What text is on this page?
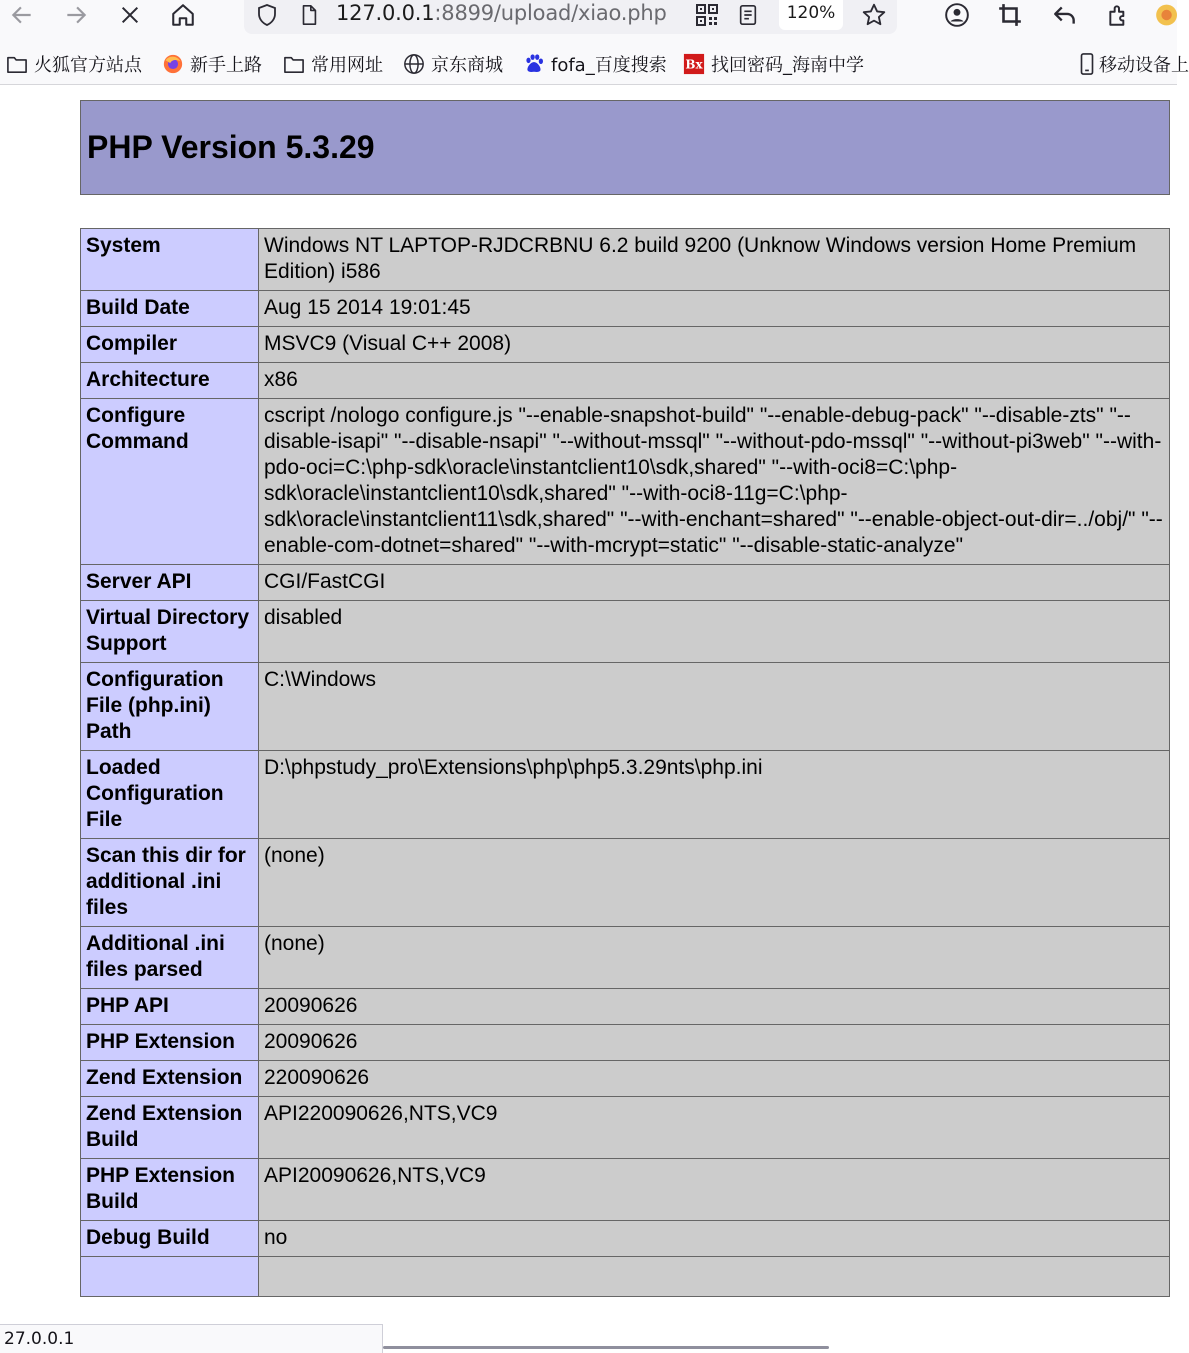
127.0.0.1:8899/upload/xiao.php	120%
火狐官方站点	新手上路	常用网址	京东商城	fofa_百度搜索 Bx 找回密码_海南中学	移动设备上
PHP Version 5.3.29
System	Windows NT LAPTOP-RJDCRBNU 6.2 build 9200 (Unknow Windows version Home Premium Edition) i586
Build Date	Aug 15 2014 19:01:45
Compiler	MSVC9 (Visual C++ 2008)
Architecture	x86
Configure Command	cscript /nologo configure.js "--enable-snapshot-build" "--enable-debug-pack" "--disable-zts" "--disable-isapi" "--disable-nsapi" "--without-mssql" "--without-pdo-mssql" "--without-pi3web" "--with-pdo-oci=C:\php-sdk\oracle\instantclient10\sdk,shared" "--with-oci8=C:\php-sdk\oracle\instantclient10\sdk,shared" "--with-oci8-11g=C:\php-sdk\oracle\instantclient11\sdk,shared" "--with-enchant=shared" "--enable-object-out-dir=../obj/" "--enable-com-dotnet=shared" "--with-mcrypt=static" "--disable-static-analyze"
Server API	CGI/FastCGI
Virtual Directory Support	disabled
Configuration File (php.ini) Path	C:\Windows
Loaded Configuration File	D:\phpstudy_pro\Extensions\php\php5.3.29nts\php.ini
Scan this dir for additional .ini files	(none)
Additional .ini files parsed	(none)
PHP API	20090626
PHP Extension	20090626
Zend Extension	220090626
Zend Extension Build	API220090626,NTS,VC9
PHP Extension Build	API20090626,NTS,VC9
Debug Build	no

27.0.0.1
